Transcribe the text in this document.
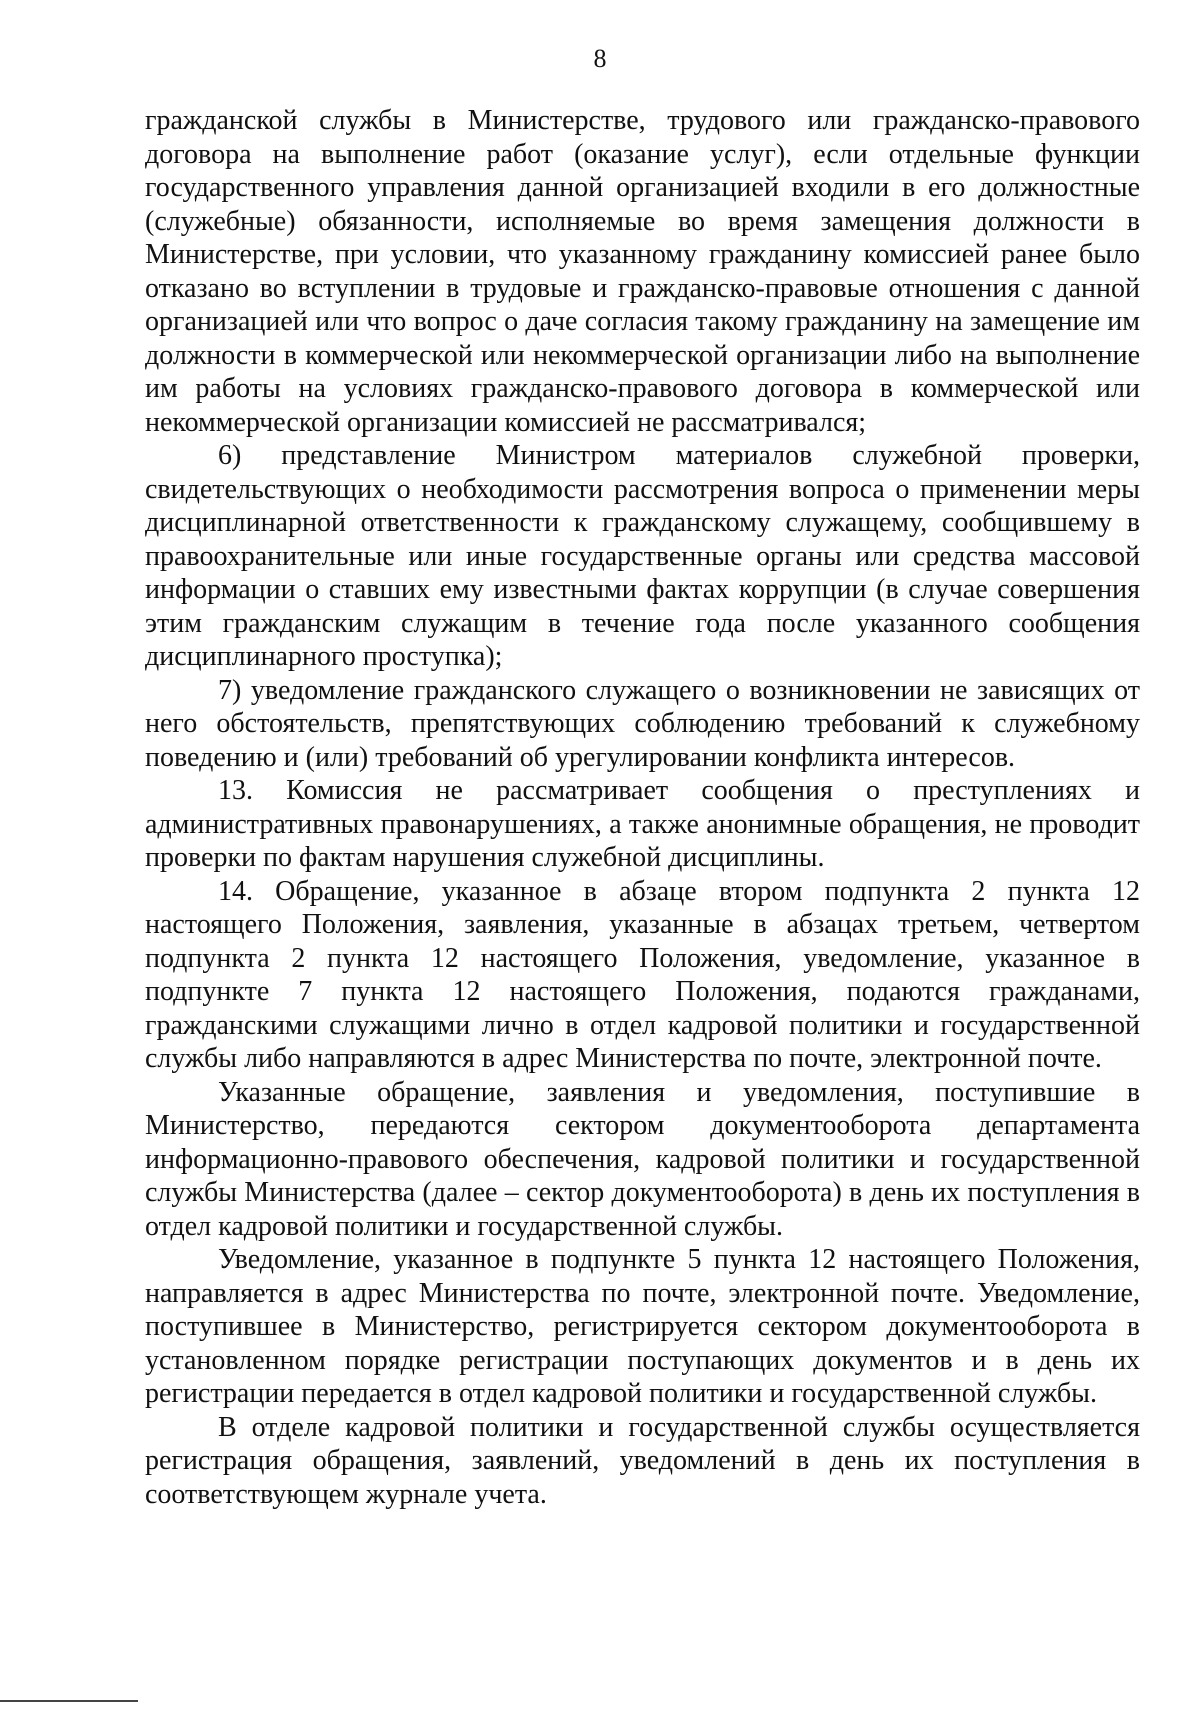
8

гражданской службы в Министерстве, трудового или гражданско-правового договора на выполнение работ (оказание услуг), если отдельные функции государственного управления данной организацией входили в его должностные (служебные) обязанности, исполняемые во время замещения должности в Министерстве, при условии, что указанному гражданину комиссией ранее было отказано во вступлении в трудовые и гражданско-правовые отношения с данной организацией или что вопрос о даче согласия такому гражданину на замещение им должности в коммерческой или некоммерческой организации либо на выполнение им работы на условиях гражданско-правового договора в коммерческой или некоммерческой организации комиссией не рассматривался;

6) представление Министром материалов служебной проверки, свидетельствующих о необходимости рассмотрения вопроса о применении меры дисциплинарной ответственности к гражданскому служащему, сообщившему в правоохранительные или иные государственные органы или средства массовой информации о ставших ему известными фактах коррупции (в случае совершения этим гражданским служащим в течение года после указанного сообщения дисциплинарного проступка);

7) уведомление гражданского служащего о возникновении не зависящих от него обстоятельств, препятствующих соблюдению требований к служебному поведению и (или) требований об урегулировании конфликта интересов.

13. Комиссия не рассматривает сообщения о преступлениях и административных правонарушениях, а также анонимные обращения, не проводит проверки по фактам нарушения служебной дисциплины.

14. Обращение, указанное в абзаце втором подпункта 2 пункта 12 настоящего Положения, заявления, указанные в абзацах третьем, четвертом подпункта 2 пункта 12 настоящего Положения, уведомление, указанное в подпункте 7 пункта 12 настоящего Положения, подаются гражданами, гражданскими служащими лично в отдел кадровой политики и государственной службы либо направляются в адрес Министерства по почте, электронной почте.

Указанные обращение, заявления и уведомления, поступившие в Министерство, передаются сектором документооборота департамента информационно-правового обеспечения, кадровой политики и государственной службы Министерства (далее – сектор документооборота) в день их поступления в отдел кадровой политики и государственной службы.

Уведомление, указанное в подпункте 5 пункта 12 настоящего Положения, направляется в адрес Министерства по почте, электронной почте. Уведомление, поступившее в Министерство, регистрируется сектором документооборота в установленном порядке регистрации поступающих документов и в день их регистрации передается в отдел кадровой политики и государственной службы.

В отделе кадровой политики и государственной службы осуществляется регистрация обращения, заявлений, уведомлений в день их поступления в соответствующем журнале учета.
